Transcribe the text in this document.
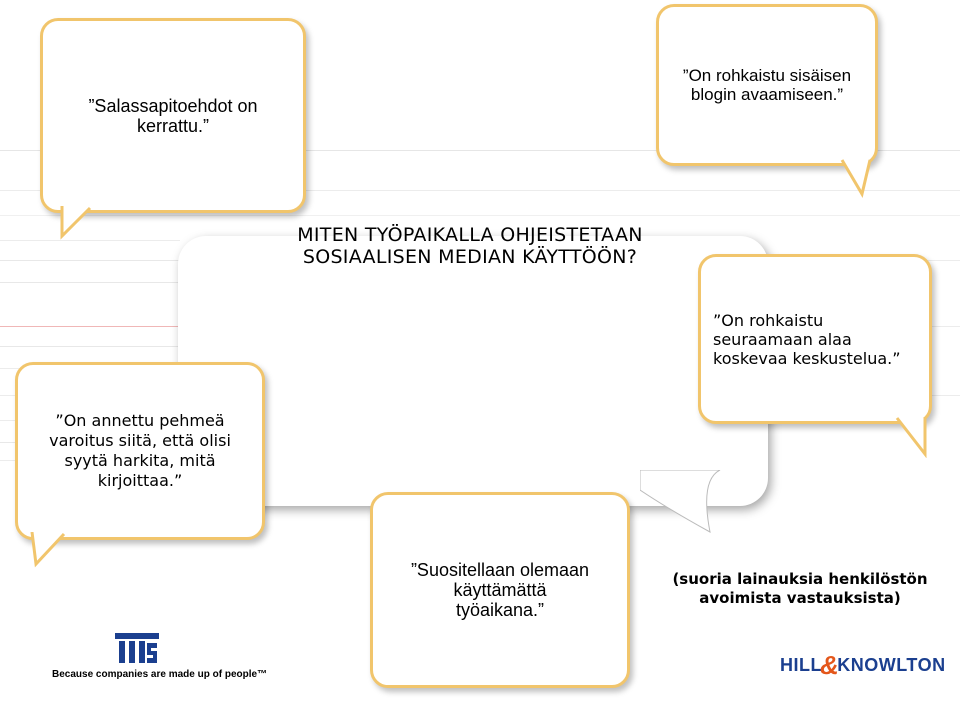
MITEN TYÖPAIKALLA OHJEISTETAAN SOSIAALISEN MEDIAN KÄYTTÖÖN?
”Salassapitoehdot on kerrattu.”
”On rohkaistu sisäisen blogin avaamiseen.”
”On annettu pehmeä varoitus siitä, että olisi syytä harkita, mitä kirjoittaa.”
”On rohkaistu seuraamaan alaa koskevaa keskustelua.”
”Suositellaan olemaan käyttämättä työaikana.”
(suoria lainauksia henkilöstön avoimista vastauksista)
Because companies are made up of people™	HILL
&
KNOWLTON
